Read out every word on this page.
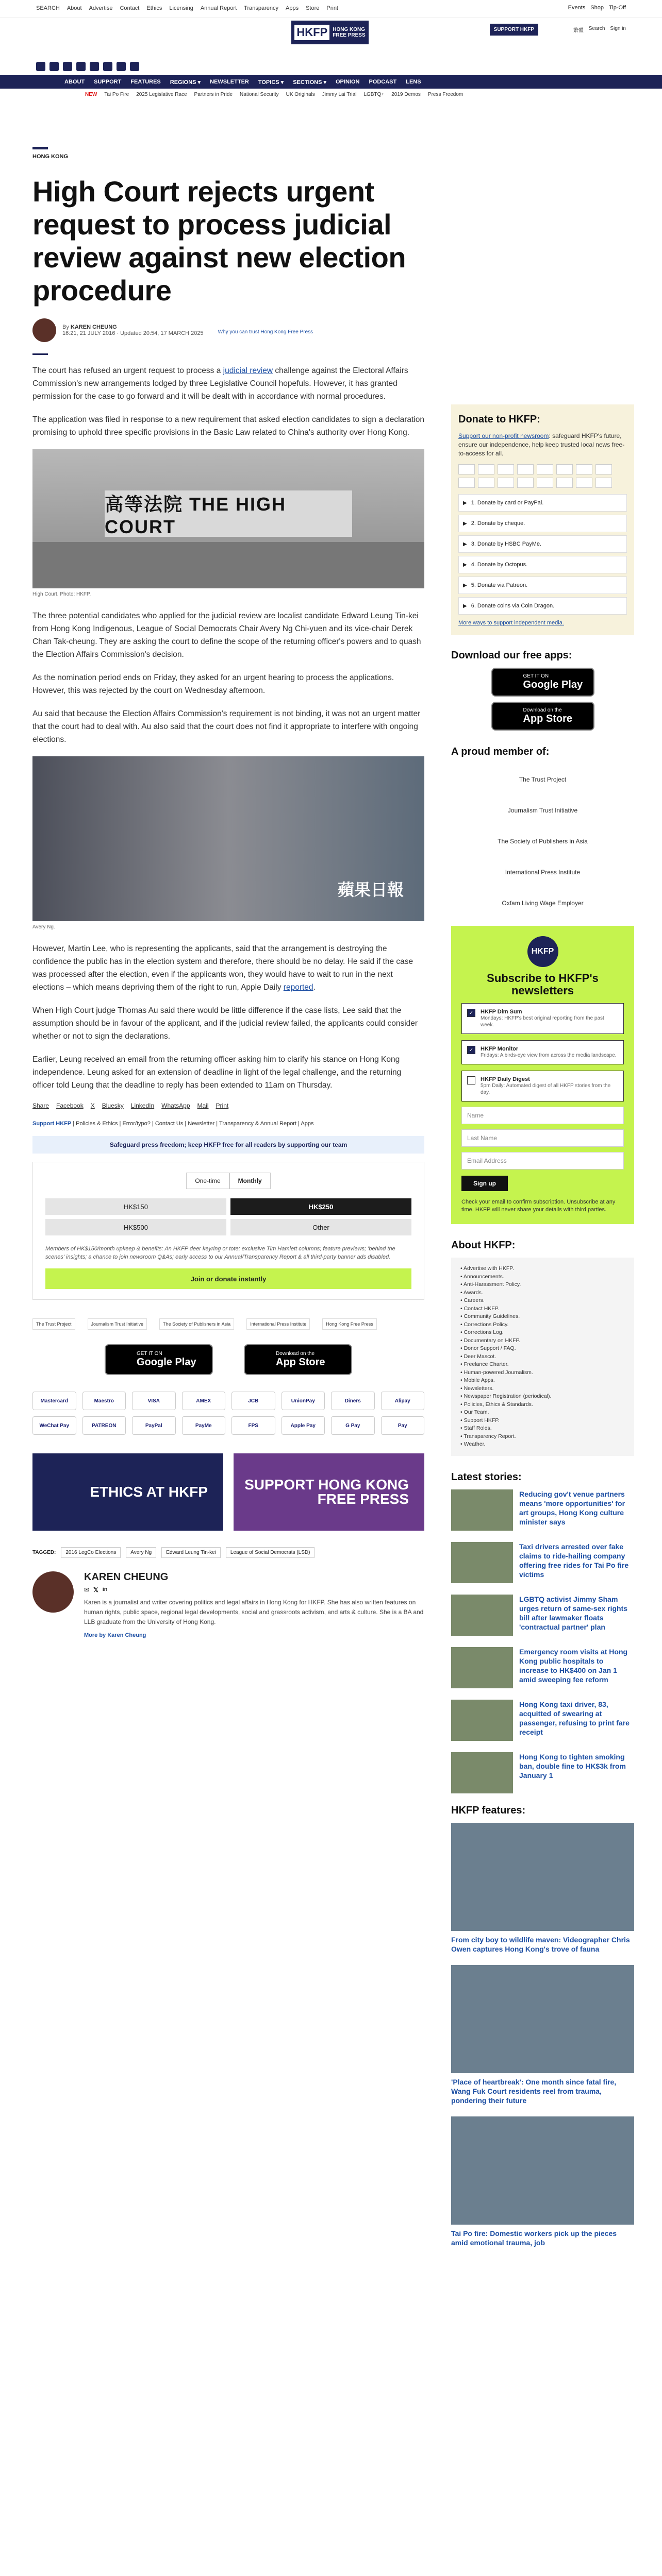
SEARCH About Advertise Contact Ethics Licensing Annual Report Transparency Apps Store Print	Events Shop Tip-Off
HKFP	HONG KONG
FREE PRESS
SUPPORT HKFP	繁體 Search Sign in
ABOUT SUPPORT FEATURES REGIONS ▾ NEWSLETTER TOPICS ▾ SECTIONS ▾ OPINION PODCAST LENS
NEW Tai Po Fire 2025 Legislative Race Partners in Pride National Security UK Originals Jimmy Lai Trial LGBTQ+ 2019 Demos Press Freedom
HONG KONG
High Court rejects urgent request to process judicial review against new election procedure
By KAREN CHEUNG
16:21, 21 JULY 2016 · Updated 20:54, 17 MARCH 2025	Why you can trust Hong Kong Free Press

The court has refused an urgent request to process a judicial review challenge against the Electoral Affairs Commission's new arrangements lodged by three Legislative Council hopefuls. However, it has granted permission for the case to go forward and it will be dealt with in accordance with normal procedures.

The application was filed in response to a new requirement that asked election candidates to sign a declaration promising to uphold three specific provisions in the Basic Law related to China's authority over Hong Kong.

高等法院 THE HIGH COURT
High Court. Photo: HKFP.

The three potential candidates who applied for the judicial review are localist candidate Edward Leung Tin-kei from Hong Kong Indigenous, League of Social Democrats Chair Avery Ng Chi-yuen and its vice-chair Derek Chan Tak-cheung. They are asking the court to define the scope of the returning officer's powers and to quash the Election Affairs Commission's decision.

As the nomination period ends on Friday, they asked for an urgent hearing to process the applications. However, this was rejected by the court on Wednesday afternoon.

Au said that because the Election Affairs Commission's requirement is not binding, it was not an urgent matter that the court had to deal with. Au also said that the court does not find it appropriate to interfere with ongoing elections.

蘋果日報
Avery Ng.

However, Martin Lee, who is representing the applicants, said that the arrangement is destroying the confidence the public has in the election system and therefore, there should be no delay. He said if the case was processed after the election, even if the applicants won, they would have to wait to run in the next elections – which means depriving them of the right to run, Apple Daily reported.

When High Court judge Thomas Au said there would be little difference if the case lists, Lee said that the assumption should be in favour of the applicant, and if the judicial review failed, the applicants could consider whether or not to sign the declarations.

Earlier, Leung received an email from the returning officer asking him to clarify his stance on Hong Kong independence. Leung asked for an extension of deadline in light of the legal challenge, and the returning officer told Leung that the deadline to reply has been extended to 11am on Thursday.

Share Facebook X Bluesky LinkedIn WhatsApp Mail Print
Support HKFP | Policies & Ethics | Error/typo? | Contact Us | Newsletter | Transparency & Annual Report | Apps
Safeguard press freedom; keep HKFP free for all readers by supporting our team
One-time	Monthly
HK$150	HK$250
HK$500	Other
Members of HK$150/month upkeep & benefits: An HKFP deer keyring or tote; exclusive Tim Hamlett columns; feature previews; 'behind the scenes' insights; a chance to join newsroom Q&As; early access to our Annual/Transparency Report & all third-party banner ads disabled.
Join or donate instantly
The Trust Project	Journalism Trust Initiative	The Society of Publishers in Asia	International Press Institute	Hong Kong Free Press
GET IT ON
Google Play
Download on the
App Store
Mastercard	Maestro	VISA	AMEX	JCB	UnionPay	Diners	Alipay
WeChat Pay	PATREON	PayPal	PayMe	FPS	Apple Pay	G Pay	Pay
ETHICS AT HKFP	SUPPORT HONG KONG FREE PRESS
TAGGED:	2016 LegCo Elections	Avery Ng	Edward Leung Tin-kei	League of Social Democrats (LSD)
KAREN CHEUNG
✉ 𝕏 in
Karen is a journalist and writer covering politics and legal affairs in Hong Kong for HKFP. She has also written features on human rights, public space, regional legal developments, social and grassroots activism, and arts & culture. She is a BA and LLB graduate from the University of Hong Kong.
More by Karen Cheung
Donate to HKFP:
Support our non-profit newsroom: safeguard HKFP's future, ensure our independence, help keep trusted local news free-to-access for all.
▶ 1. Donate by card or PayPal.
▶ 2. Donate by cheque.
▶ 3. Donate by HSBC PayMe.
▶ 4. Donate by Octopus.
▶ 5. Donate via Patreon.
▶ 6. Donate coins via Coin Dragon.
More ways to support independent media.
Download our free apps:
GET IT ON
Google Play
Download on the
App Store
A proud member of:
The Trust Project
Journalism Trust Initiative
The Society of Publishers in Asia
International Press Institute
Oxfam Living Wage Employer
HKFP
Subscribe to HKFP's newsletters
✓	HKFP Dim Sum
Mondays: HKFP's best original reporting from the past week.
✓	HKFP Monitor
Fridays: A birds-eye view from across the media landscape.
HKFP Daily Digest
5pm Daily: Automated digest of all HKFP stories from the day.
Name
Last Name
Email Address
Sign up
Check your email to confirm subscription. Unsubscribe at any time. HKFP will never share your details with third parties.
About HKFP:
• Advertise with HKFP.
• Announcements.
• Anti-Harassment Policy.
• Awards.
• Careers.
• Contact HKFP.
• Community Guidelines.
• Corrections Policy.
• Corrections Log.
• Documentary on HKFP.
• Donor Support / FAQ.
• Deer Mascot.
• Freelance Charter.
• Human-powered Journalism.
• Mobile Apps.
• Newsletters.
• Newspaper Registration (periodical).
• Policies, Ethics & Standards.
• Our Team.
• Support HKFP.
• Staff Roles.
• Transparency Report.
• Weather.
Latest stories:
Reducing gov't venue partners means 'more opportunities' for art groups, Hong Kong culture minister says
Taxi drivers arrested over fake claims to ride-hailing company offering free rides for Tai Po fire victims
LGBTQ activist Jimmy Sham urges return of same-sex rights bill after lawmaker floats 'contractual partner' plan
Emergency room visits at Hong Kong public hospitals to increase to HK$400 on Jan 1 amid sweeping fee reform
Hong Kong taxi driver, 83, acquitted of swearing at passenger, refusing to print fare receipt
Hong Kong to tighten smoking ban, double fine to HK$3k from January 1
HKFP features:
From city boy to wildlife maven: Videographer Chris Owen captures Hong Kong's trove of fauna
'Place of heartbreak': One month since fatal fire, Wang Fuk Court residents reel from trauma, pondering their future
Tai Po fire: Domestic workers pick up the pieces amid emotional trauma, job
